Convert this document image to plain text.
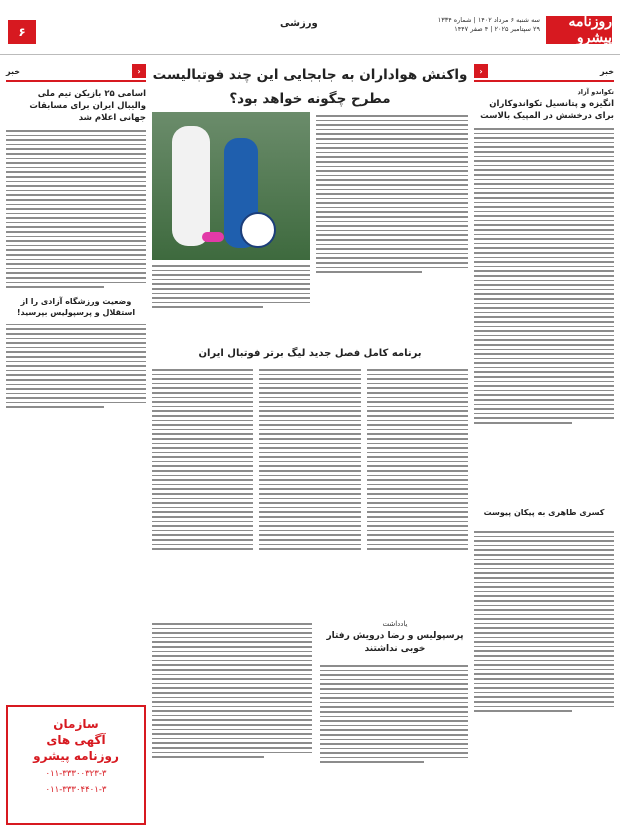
روزنامه پیشرو
سه شنبه ۶ مرداد ۱۴۰۲ | شماره ۱۳۳۴
۲۹ سپتامبر ۲۰۲۵ | ۴ صفر ۱۴۴۷
ورزشی
۶
خبر
‹
تکواندو آزاد
انگیزه و پتانسیل تکواندوکاران برای درخشش در المپیک بالاست
کسری طاهری به پیکان پیوست
‹
خبر
اسامی ۲۵ بازیکن تیم ملی والیبال ایران برای مسابقات جهانی اعلام شد
وضعیت ورزشگاه آزادی را از استقلال و پرسپولیس بپرسید!
سازمان
آگهی های
روزنامه پیشرو
۰۱۱-۳۳۳۰۰۳۲۳-۳
۰۱۱-۳۳۳۰۴۴۰۱-۳
واکنش هواداران به جابجایی این چند فوتبالیست
مطرح چگونه خواهد بود؟
برنامه کامل فصل جدید لیگ برتر فوتبال ایران
یادداشت
پرسپولیس و رضا درویش رفتار خوبی نداشتند
